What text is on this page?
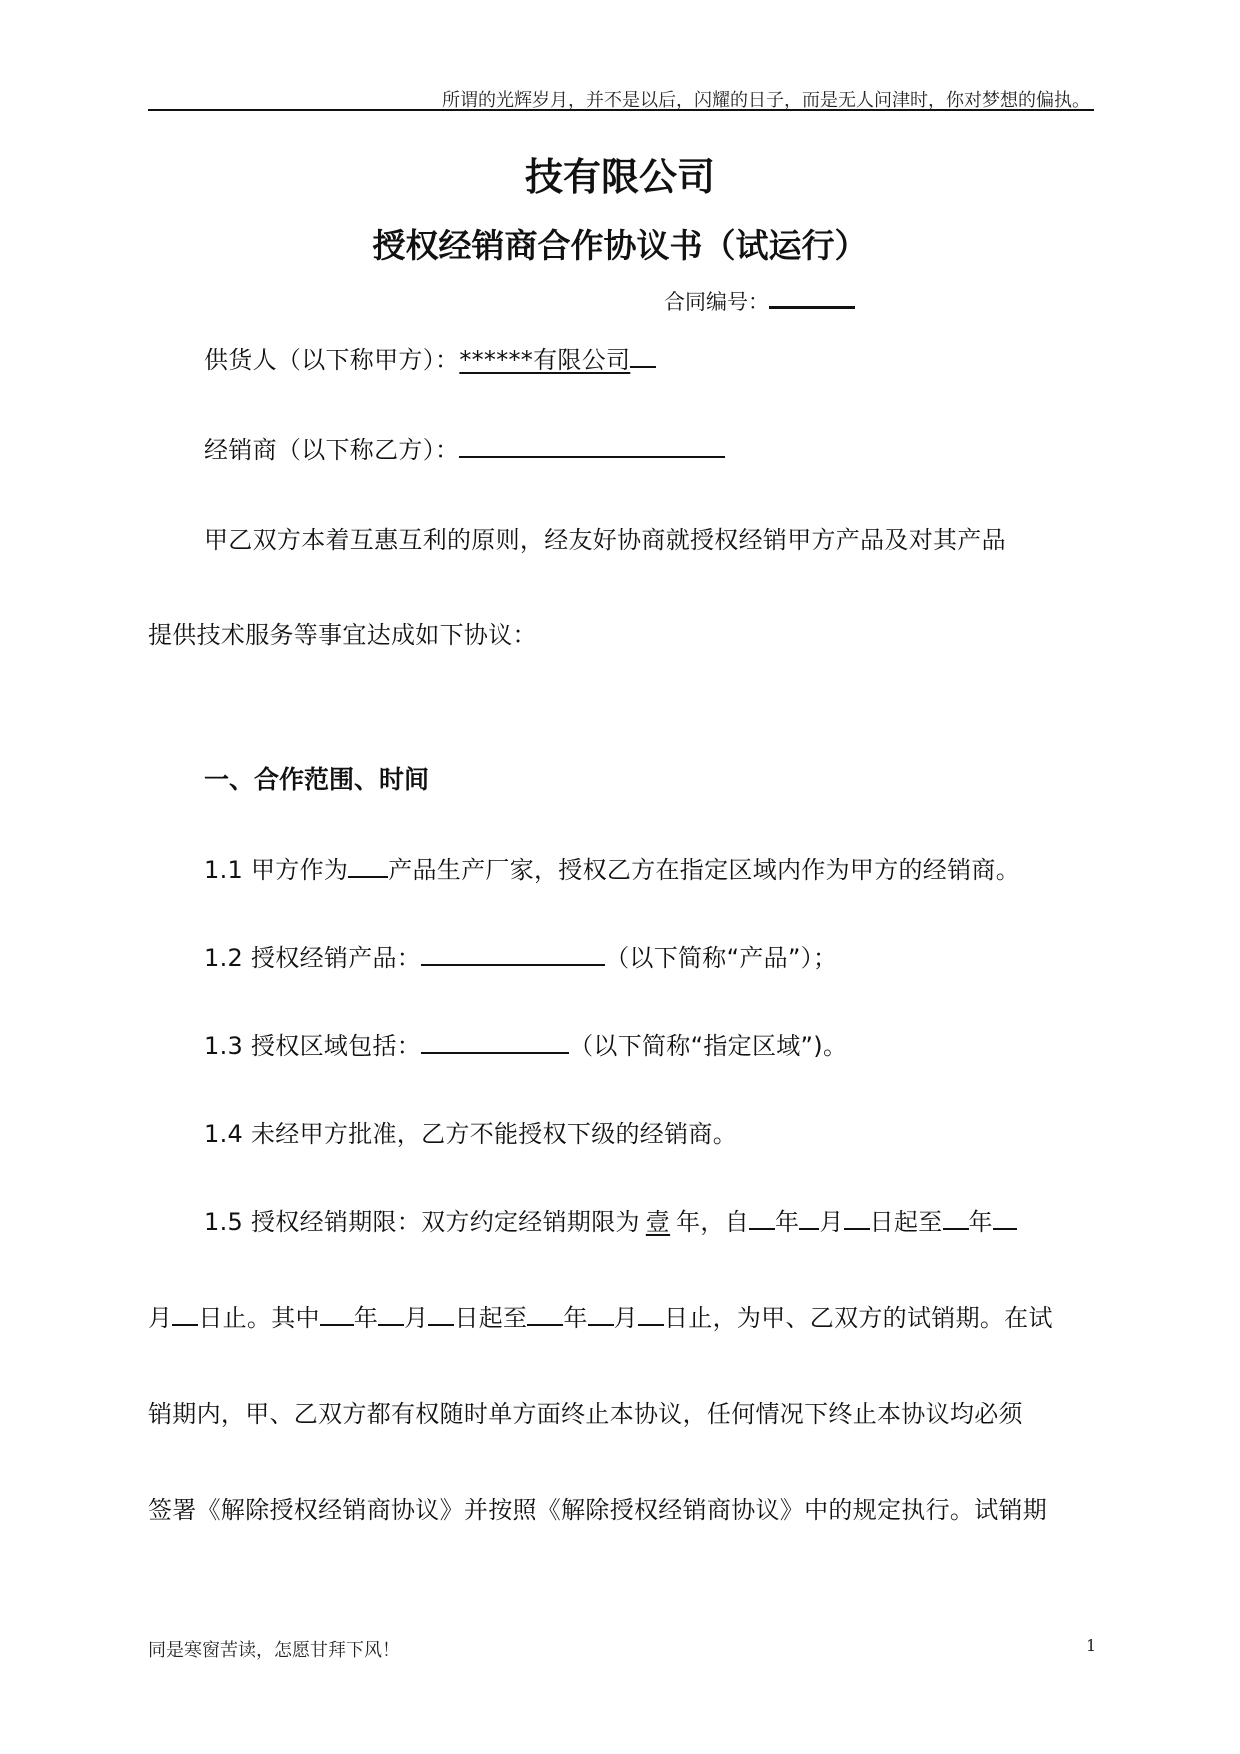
所谓的光辉岁月，并不是以后，闪耀的日子，而是无人问津时，你对梦想的偏执。
技有限公司
授权经销商合作协议书（试运行）
合同编号：
供货人（以下称甲方）：******有限公司
经销商（以下称乙方）：
甲乙双方本着互惠互利的原则，经友好协商就授权经销甲方产品及对其产品
提供技术服务等事宜达成如下协议：
一、合作范围、时间
1.1 甲方作为 产品生产厂家，授权乙方在指定区域内作为甲方的经销商。
1.2 授权经销产品：	（以下简称“产品”）；
1.3 授权区域包括：	（以下简称“指定区域”)。
1.4 未经甲方批准，乙方不能授权下级的经销商。
1.5 授权经销期限：双方约定经销期限为 壹 年，自 年 月 日起至 年
月 日止。其中 年 月 日起至 年 月 日止，为甲、乙双方的试销期。在试
销期内，甲、乙双方都有权随时单方面终止本协议，任何情况下终止本协议均必须
签署《解除授权经销商协议》并按照《解除授权经销商协议》中的规定执行。试销期
同是寒窗苦读，怎愿甘拜下风！	1
